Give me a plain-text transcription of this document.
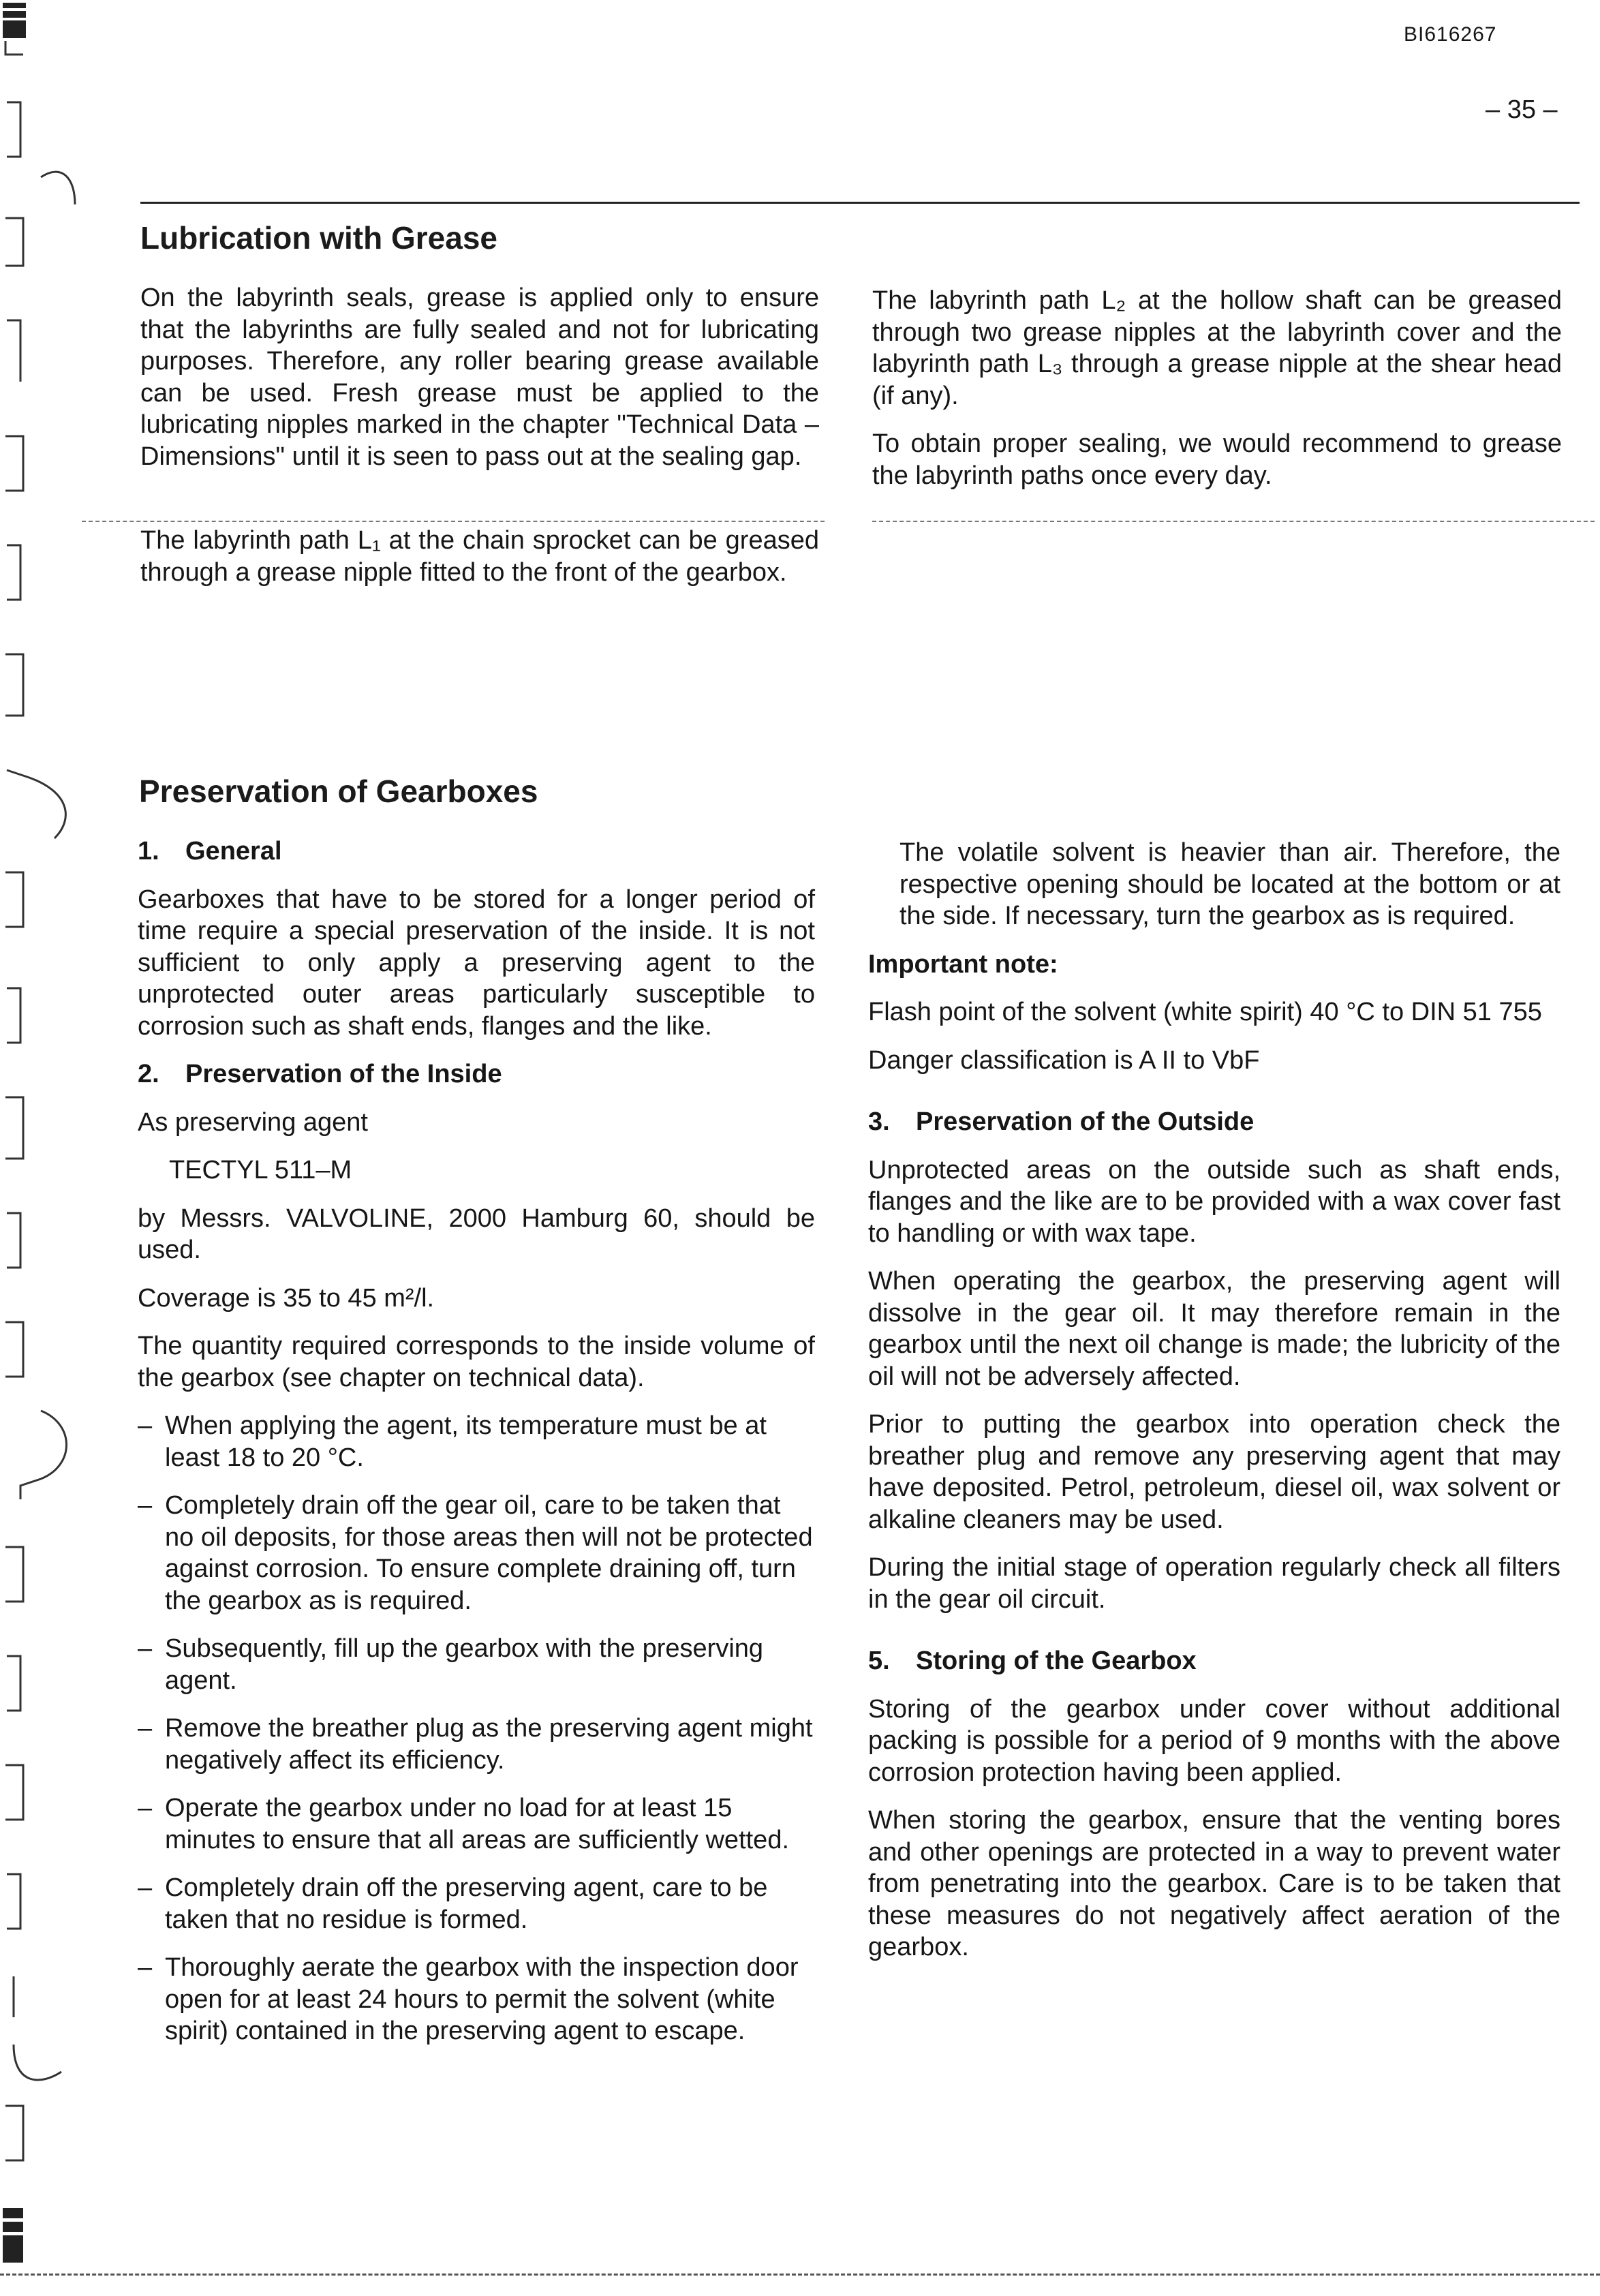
BI616267
– 35 –
Lubrication with Grease

On the labyrinth seals, grease is applied only to ensure that the labyrinths are fully sealed and not for lubricating purposes. Therefore, any roller bearing grease available can be used. Fresh grease must be applied to the lubricating nipples marked in the chapter "Technical Data – Dimensions" until it is seen to pass out at the sealing gap.

The labyrinth path L₁ at the chain sprocket can be greased through a grease nipple fitted to the front of the gearbox.

The labyrinth path L₂ at the hollow shaft can be greased through two grease nipples at the labyrinth cover and the labyrinth path L₃ through a grease nipple at the shear head (if any).

To obtain proper sealing, we would recommend to grease the labyrinth paths once every day.

Preservation of Gearboxes
1. General

Gearboxes that have to be stored for a longer period of time require a special preservation of the inside. It is not sufficient to only apply a preserving agent to the unprotected outer areas particularly susceptible to corrosion such as shaft ends, flanges and the like.

2. Preservation of the Inside

As preserving agent

TECTYL 511–M

by Messrs. VALVOLINE, 2000 Hamburg 60, should be used.

Coverage is 35 to 45 m²/l.

The quantity required corresponds to the inside volume of the gearbox (see chapter on technical data).

– When applying the agent, its temperature must be at least 18 to 20 °C.
– Completely drain off the gear oil, care to be taken that no oil deposits, for those areas then will not be protected against corrosion. To ensure complete draining off, turn the gearbox as is required.
– Subsequently, fill up the gearbox with the preserving agent.
– Remove the breather plug as the preserving agent might negatively affect its efficiency.
– Operate the gearbox under no load for at least 15 minutes to ensure that all areas are sufficiently wetted.
– Completely drain off the preserving agent, care to be taken that no residue is formed.
– Thoroughly aerate the gearbox with the inspection door open for at least 24 hours to permit the solvent (white spirit) contained in the preserving agent to escape.

The volatile solvent is heavier than air. Therefore, the respective opening should be located at the bottom or at the side. If necessary, turn the gearbox as is required.

Important note:

Flash point of the solvent (white spirit) 40 °C to DIN 51 755

Danger classification is A II to VbF

3. Preservation of the Outside

Unprotected areas on the outside such as shaft ends, flanges and the like are to be provided with a wax cover fast to handling or with wax tape.

When operating the gearbox, the preserving agent will dissolve in the gear oil. It may therefore remain in the gearbox until the next oil change is made; the lubricity of the oil will not be adversely affected.

Prior to putting the gearbox into operation check the breather plug and remove any preserving agent that may have deposited. Petrol, petroleum, diesel oil, wax solvent or alkaline cleaners may be used.

During the initial stage of operation regularly check all filters in the gear oil circuit.

5. Storing of the Gearbox

Storing of the gearbox under cover without additional packing is possible for a period of 9 months with the above corrosion protection having been applied.

When storing the gearbox, ensure that the venting bores and other openings are protected in a way to prevent water from penetrating into the gearbox. Care is to be taken that these measures do not negatively affect aeration of the gearbox.
